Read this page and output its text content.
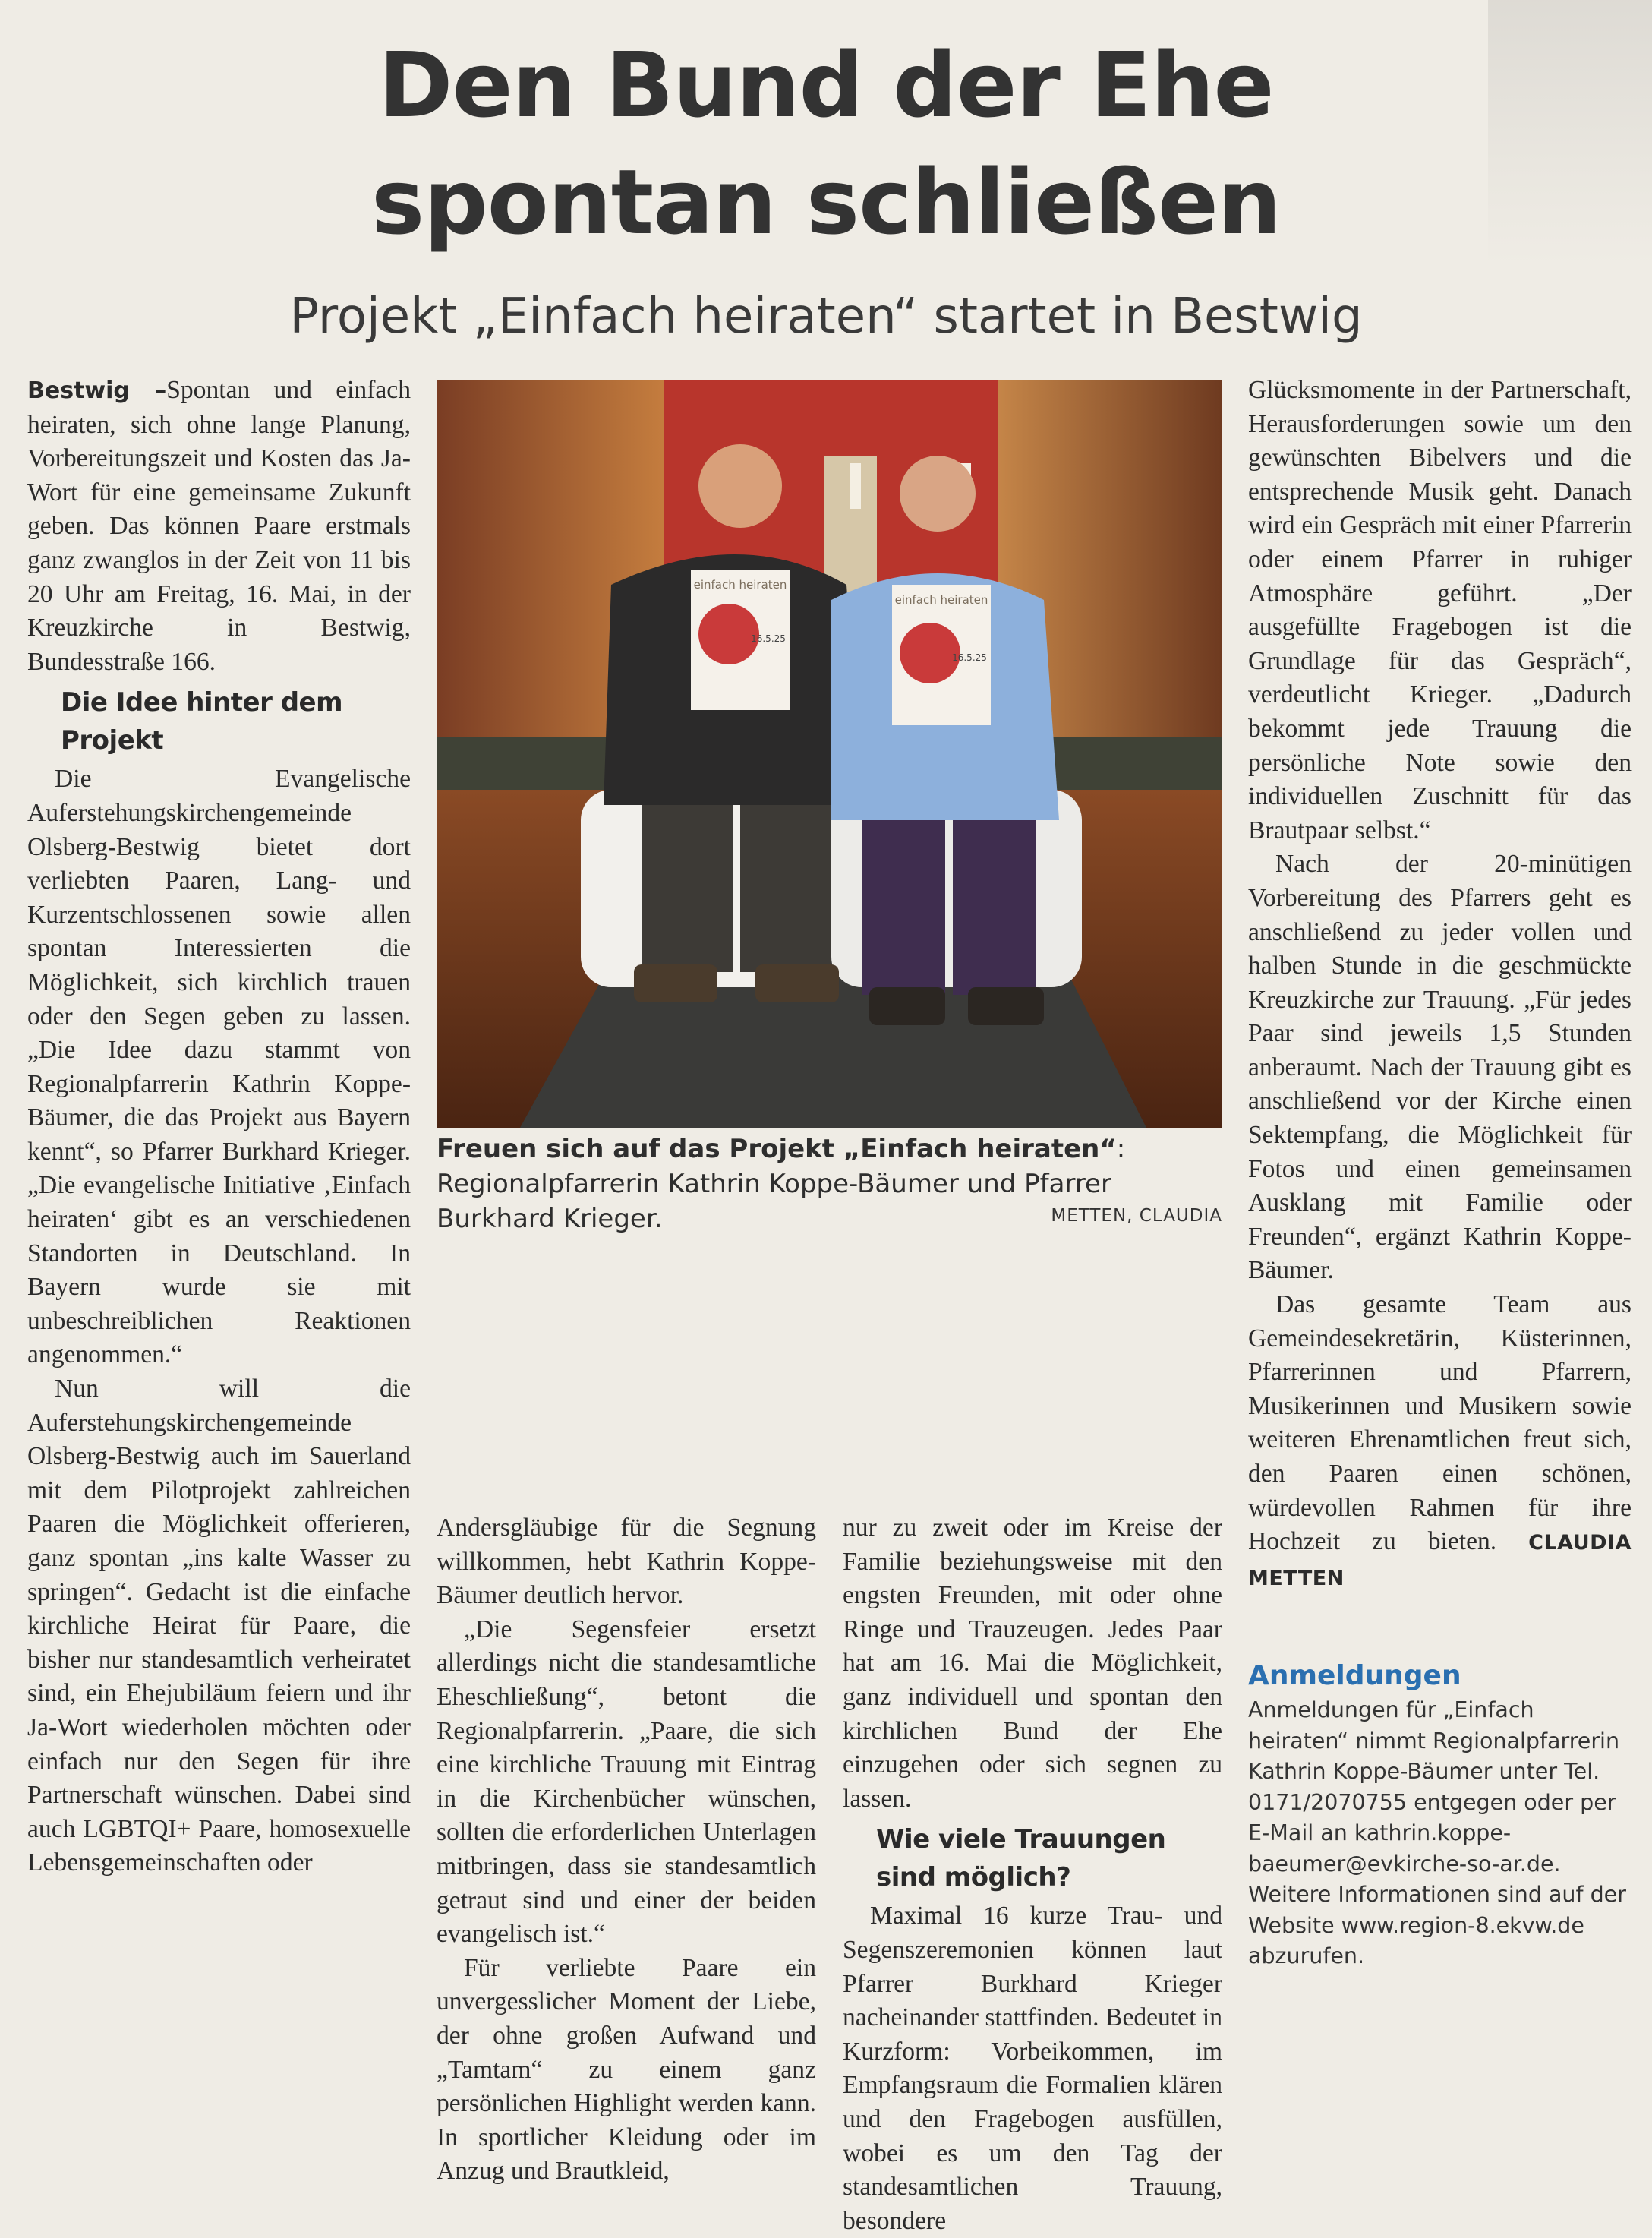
Den Bund der Ehe
spontan schließen
Projekt „Einfach heiraten“ startet in Bestwig

Bestwig –Spontan und einfach heiraten, sich ohne lange Planung, Vorbereitungszeit und Kosten das Ja-Wort für eine gemeinsame Zukunft geben. Das können Paare erstmals ganz zwanglos in der Zeit von 11 bis 20 Uhr am Freitag, 16. Mai, in der Kreuzkirche in Bestwig, Bundesstraße 166.

Die Idee hinter dem Projekt

Die Evangelische Auferstehungskirchengemeinde Olsberg-Bestwig bietet dort verliebten Paaren, Lang- und Kurzentschlossenen sowie allen spontan Interessierten die Möglichkeit, sich kirchlich trauen oder den Segen geben zu lassen. „Die Idee dazu stammt von Regionalpfarrerin Kathrin Koppe-Bäumer, die das Projekt aus Bayern kennt“, so Pfarrer Burkhard Krieger. „Die evangelische Initiative ‚Einfach heiraten‘ gibt es an verschiedenen Standorten in Deutschland. In Bayern wurde sie mit unbeschreiblichen Reaktionen angenommen.“

Nun will die Auferstehungskirchengemeinde Olsberg-Bestwig auch im Sauerland mit dem Pilotprojekt zahlreichen Paaren die Möglichkeit offerieren, ganz spontan „ins kalte Wasser zu springen“. Gedacht ist die einfache kirchliche Heirat für Paare, die bisher nur standesamtlich verheiratet sind, ein Ehejubiläum feiern und ihr Ja-Wort wiederholen möchten oder einfach nur den Segen für ihre Partnerschaft wünschen. Dabei sind auch LGBTQI+ Paare, homosexuelle Lebensgemeinschaften oder

einfach heiraten
16.5.25
einfach heiraten
16.5.25
Freuen sich auf das Projekt „Einfach heiraten“: Regionalpfarrerin Kathrin Koppe-Bäumer und Pfarrer Burkhard Krieger.	METTEN, CLAUDIA

Andersgläubige für die Segnung willkommen, hebt Kathrin Koppe-Bäumer deutlich hervor.

„Die Segensfeier ersetzt allerdings nicht die standesamtliche Eheschließung“, betont die Regionalpfarrerin. „Paare, die sich eine kirchliche Trauung mit Eintrag in die Kirchenbücher wünschen, sollten die erforderlichen Unterlagen mitbringen, dass sie standesamtlich getraut sind und einer der beiden evangelisch ist.“

Für verliebte Paare ein unvergesslicher Moment der Liebe, der ohne großen Aufwand und „Tamtam“ zu einem ganz persönlichen Highlight werden kann. In sportlicher Kleidung oder im Anzug und Brautkleid,

nur zu zweit oder im Kreise der Familie beziehungsweise mit den engsten Freunden, mit oder ohne Ringe und Trauzeugen. Jedes Paar hat am 16. Mai die Möglichkeit, ganz individuell und spontan den kirchlichen Bund der Ehe einzugehen oder sich segnen zu lassen.

Wie viele Trauungen sind möglich?

Maximal 16 kurze Trau- und Segenszeremonien können laut Pfarrer Burkhard Krieger nacheinander stattfinden. Bedeutet in Kurzform: Vorbeikommen, im Empfangsraum die Formalien klären und den Fragebogen ausfüllen, wobei es um den Tag der standesamtlichen Trauung, besondere

Glücksmomente in der Partnerschaft, Herausforderungen sowie um den gewünschten Bibelvers und die entsprechende Musik geht. Danach wird ein Gespräch mit einer Pfarrerin oder einem Pfarrer in ruhiger Atmosphäre geführt. „Der ausgefüllte Fragebogen ist die Grundlage für das Gespräch“, verdeutlicht Krieger. „Dadurch bekommt jede Trauung die persönliche Note sowie den individuellen Zuschnitt für das Brautpaar selbst.“

Nach der 20-minütigen Vorbereitung des Pfarrers geht es anschließend zu jeder vollen und halben Stunde in die geschmückte Kreuzkirche zur Trauung. „Für jedes Paar sind jeweils 1,5 Stunden anberaumt. Nach der Trauung gibt es anschließend vor der Kirche einen Sektempfang, die Möglichkeit für Fotos und einen gemeinsamen Ausklang mit Familie oder Freunden“, ergänzt Kathrin Koppe-Bäumer.

Das gesamte Team aus Gemeindesekretärin, Küsterinnen, Pfarrerinnen und Pfarrern, Musikerinnen und Musikern sowie weiteren Ehrenamtlichen freut sich, den Paaren einen schönen, würdevollen Rahmen für ihre Hochzeit zu bieten. CLAUDIA METTEN

Anmeldungen
Anmeldungen für „Einfach heiraten“ nimmt Regionalpfarrerin Kathrin Koppe-Bäumer unter Tel. 0171/2070755 entgegen oder per E-Mail an kathrin.koppe-baeumer@evkirche-so-ar.de. Weitere Informationen sind auf der Website www.region-8.ekvw.de abzurufen.
